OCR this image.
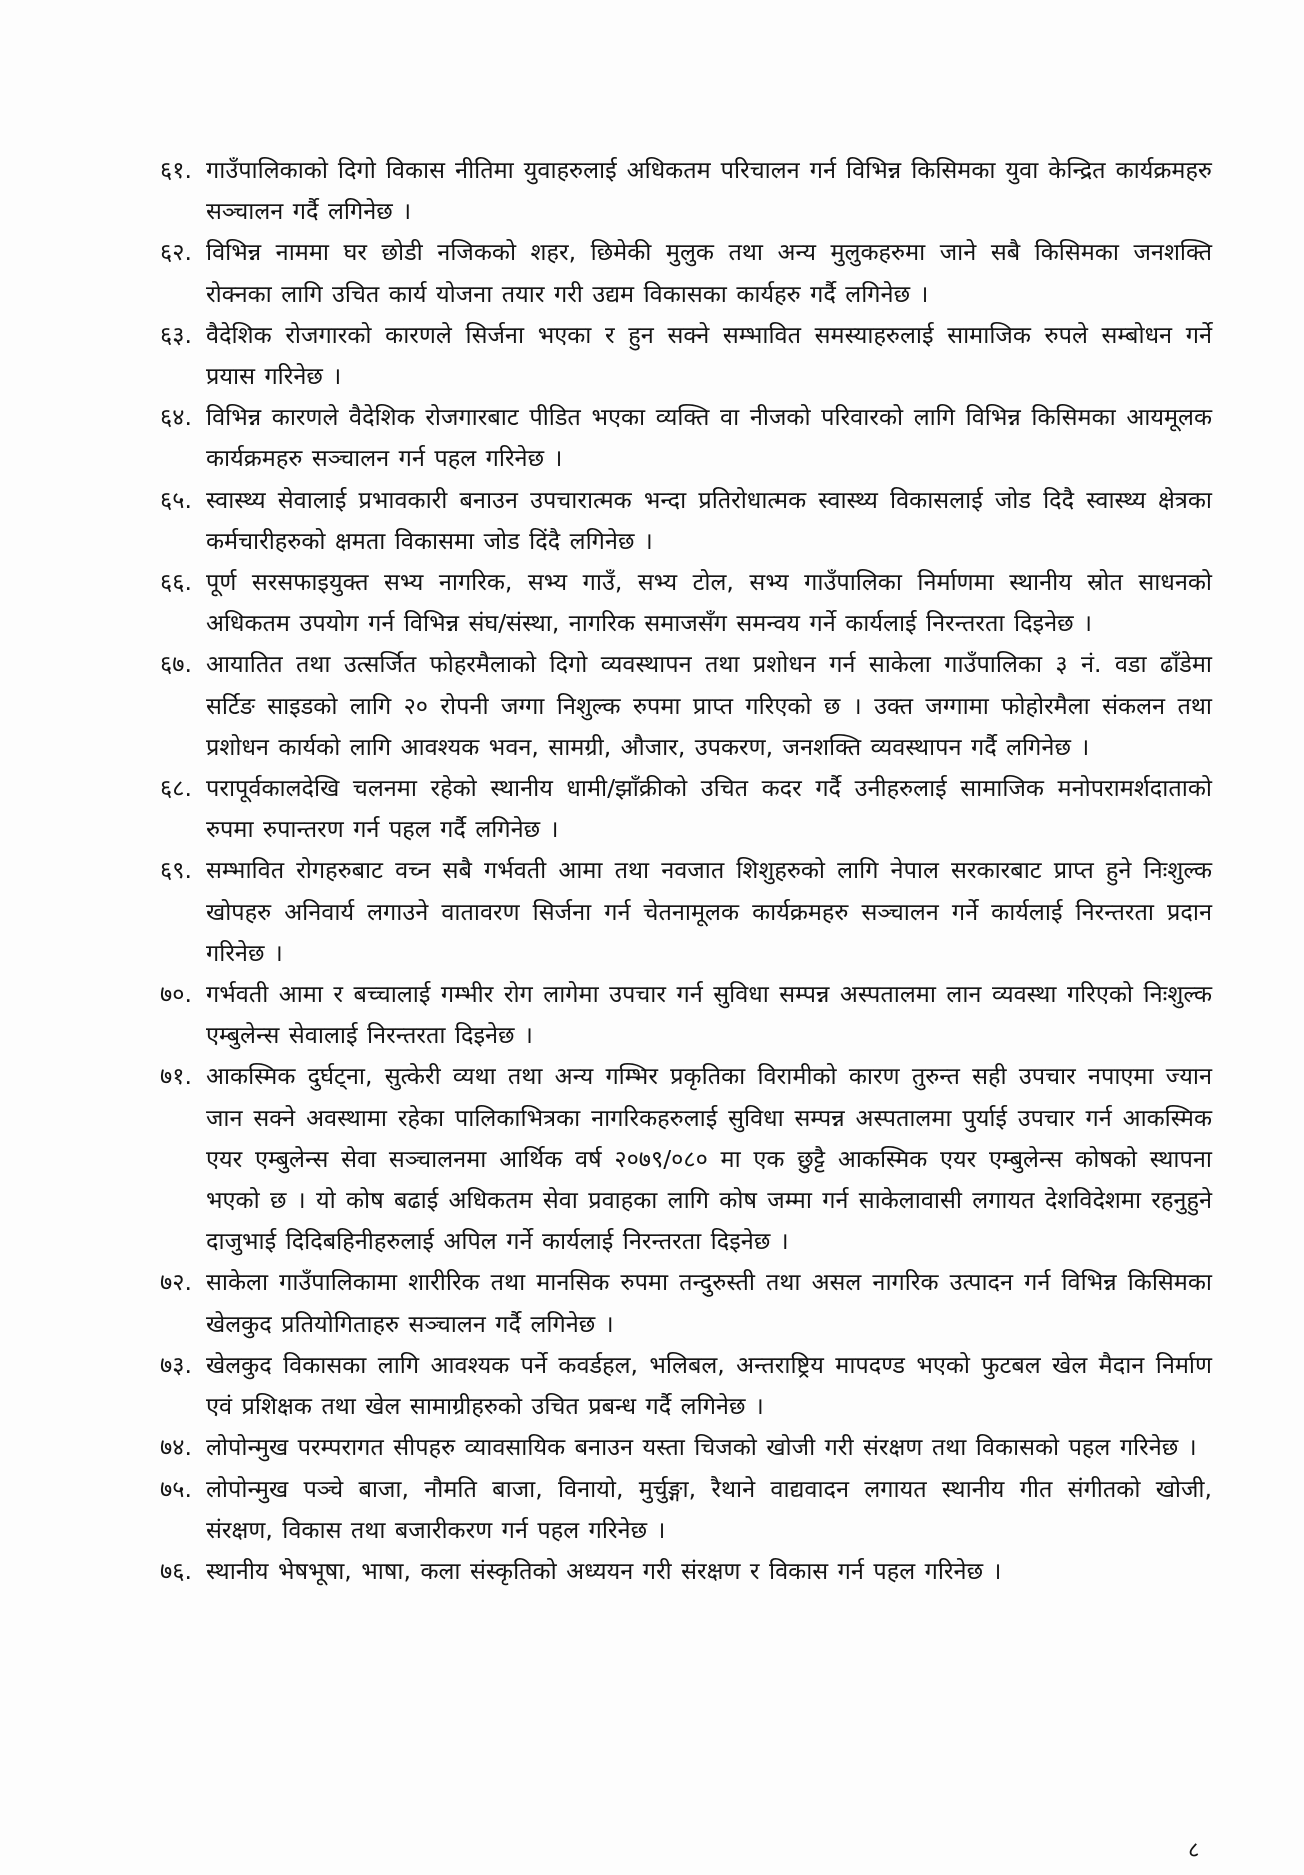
६१. गाउँपालिकाको दिगो विकास नीतिमा युवाहरुलाई अधिकतम परिचालन गर्न विभिन्न किसिमका युवा केन्द्रित कार्यक्रमहरु सञ्चालन गर्दै लगिनेछ ।
६२. विभिन्न नाममा घर छोडी नजिकको शहर, छिमेकी मुलुक तथा अन्य मुलुकहरुमा जाने सबै किसिमका जनशक्ति रोक्नका लागि उचित कार्य योजना तयार गरी उद्यम विकासका कार्यहरु गर्दै लगिनेछ ।
६३. वैदेशिक रोजगारको कारणले सिर्जना भएका र हुन सक्ने सम्भावित समस्याहरुलाई सामाजिक रुपले सम्बोधन गर्ने प्रयास गरिनेछ ।
६४. विभिन्न कारणले वैदेशिक रोजगारबाट पीडित भएका व्यक्ति वा नीजको परिवारको लागि विभिन्न किसिमका आयमूलक कार्यक्रमहरु सञ्चालन गर्न पहल गरिनेछ ।
६५. स्वास्थ्य सेवालाई प्रभावकारी बनाउन उपचारात्मक भन्दा प्रतिरोधात्मक स्वास्थ्य विकासलाई जोड दिदै स्वास्थ्य क्षेत्रका कर्मचारीहरुको क्षमता विकासमा जोड दिंदै लगिनेछ ।
६६. पूर्ण सरसफाइयुक्त सभ्य नागरिक, सभ्य गाउँ, सभ्य टोल, सभ्य गाउँपालिका निर्माणमा स्थानीय स्रोत साधनको अधिकतम उपयोग गर्न विभिन्न संघ/संस्था, नागरिक समाजसँग समन्वय गर्ने कार्यलाई निरन्तरता दिइनेछ ।
६७. आयातित तथा उत्सर्जित फोहरमैलाको दिगो व्यवस्थापन तथा प्रशोधन गर्न साकेला गाउँपालिका ३ नं. वडा ढाँडेमा सर्टिङ साइडको लागि २० रोपनी जग्गा निशुल्क रुपमा प्राप्त गरिएको छ । उक्त जग्गामा फोहोरमैला संकलन तथा प्रशोधन कार्यको लागि आवश्यक भवन, सामग्री, औजार, उपकरण, जनशक्ति व्यवस्थापन गर्दै लगिनेछ ।
६८. परापूर्वकालदेखि चलनमा रहेको स्थानीय धामी/झाँक्रीको उचित कदर गर्दै उनीहरुलाई सामाजिक मनोपरामर्शदाताको रुपमा रुपान्तरण गर्न पहल गर्दै लगिनेछ ।
६९. सम्भावित रोगहरुबाट वच्न सबै गर्भवती आमा तथा नवजात शिशुहरुको लागि नेपाल सरकारबाट प्राप्त हुने निःशुल्क खोपहरु अनिवार्य लगाउने वातावरण सिर्जना गर्न चेतनामूलक कार्यक्रमहरु सञ्चालन गर्ने कार्यलाई निरन्तरता प्रदान गरिनेछ ।
७०. गर्भवती आमा र बच्चालाई गम्भीर रोग लागेमा उपचार गर्न सुविधा सम्पन्न अस्पतालमा लान व्यवस्था गरिएको निःशुल्क एम्बुलेन्स सेवालाई निरन्तरता दिइनेछ ।
७१. आकस्मिक दुर्घट्ना, सुत्केरी व्यथा तथा अन्य गम्भिर प्रकृतिका विरामीको कारण तुरुन्त सही उपचार नपाएमा ज्यान जान सक्ने अवस्थामा रहेका पालिकाभित्रका नागरिकहरुलाई सुविधा सम्पन्न अस्पतालमा पुर्याई उपचार गर्न आकस्मिक एयर एम्बुलेन्स सेवा सञ्चालनमा आर्थिक वर्ष २०७९/०८० मा एक छुट्टै आकस्मिक एयर एम्बुलेन्स कोषको स्थापना भएको छ । यो कोष बढाई अधिकतम सेवा प्रवाहका लागि कोष जम्मा गर्न साकेलावासी लगायत देशविदेशमा रहनुहुने दाजुभाई दिदिबहिनीहरुलाई अपिल गर्ने कार्यलाई निरन्तरता दिइनेछ ।
७२. साकेला गाउँपालिकामा शारीरिक तथा मानसिक रुपमा तन्दुरुस्ती तथा असल नागरिक उत्पादन गर्न विभिन्न किसिमका खेलकुद प्रतियोगिताहरु सञ्चालन गर्दै लगिनेछ ।
७३. खेलकुद विकासका लागि आवश्यक पर्ने कवर्डहल, भलिबल, अन्तराष्ट्रिय मापदण्ड भएको फुटबल खेल मैदान निर्माण एवं प्रशिक्षक तथा खेल सामाग्रीहरुको उचित प्रबन्ध गर्दै लगिनेछ ।
७४. लोपोन्मुख परम्परागत सीपहरु व्यावसायिक बनाउन यस्ता चिजको खोजी गरी संरक्षण तथा विकासको पहल गरिनेछ ।
७५. लोपोन्मुख पञ्चे बाजा, नौमति बाजा, विनायो, मुर्चुङ्गा, रैथाने वाद्यवादन लगायत स्थानीय गीत संगीतको खोजी, संरक्षण, विकास तथा बजारीकरण गर्न पहल गरिनेछ ।
७६. स्थानीय भेषभूषा, भाषा, कला संस्कृतिको अध्ययन गरी संरक्षण र विकास गर्न पहल गरिनेछ ।
८
